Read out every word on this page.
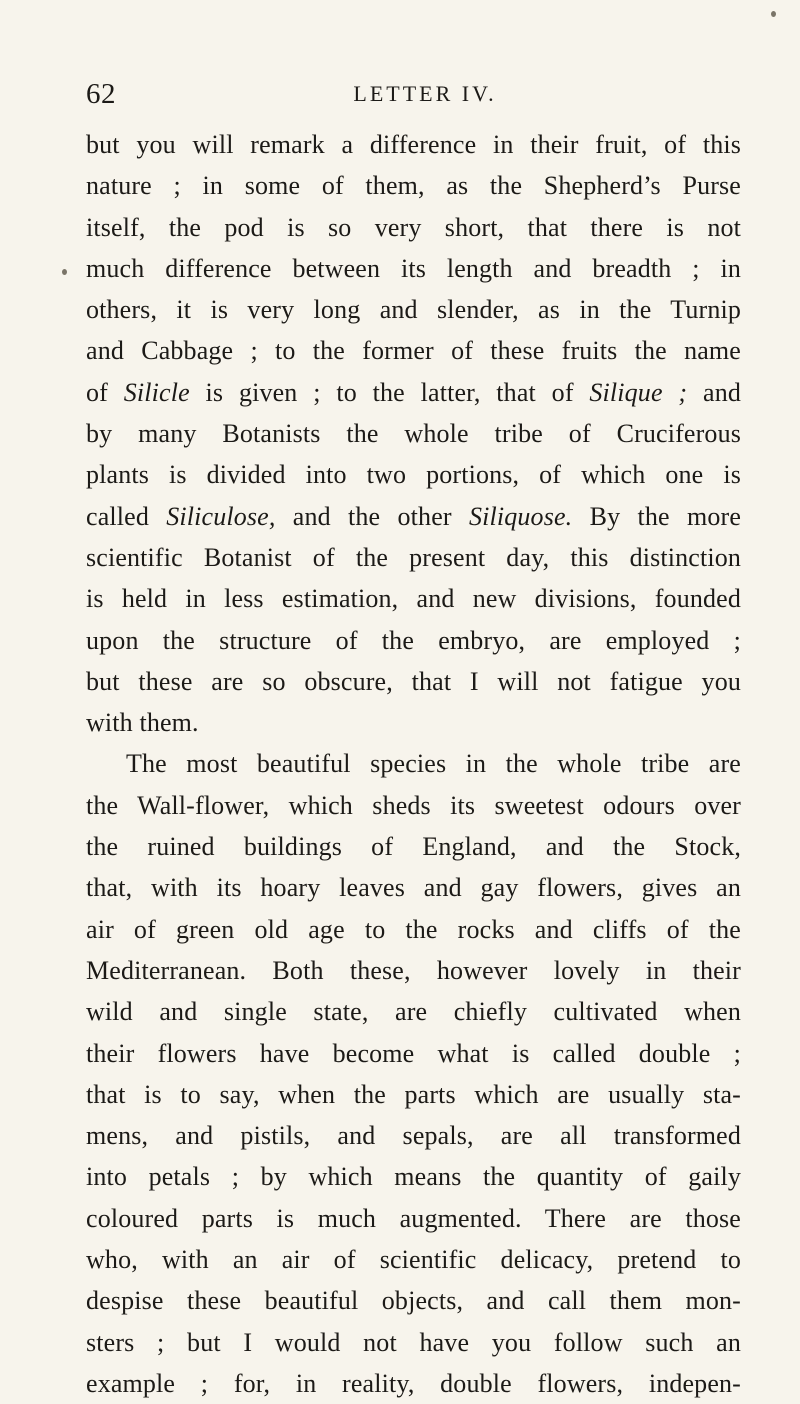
62	LETTER IV.
but you will remark a difference in their fruit, of this
nature ; in some of them, as the Shepherd’s Purse
itself, the pod is so very short, that there is not
much difference between its length and breadth ; in
others, it is very long and slender, as in the Turnip
and Cabbage ; to the former of these fruits the name
of Silicle is given ; to the latter, that of Silique ; and
by many Botanists the whole tribe of Cruciferous
plants is divided into two portions, of which one is
called Siliculose, and the other Siliquose. By the more
scientific Botanist of the present day, this distinction
is held in less estimation, and new divisions, founded
upon the structure of the embryo, are employed ;
but these are so obscure, that I will not fatigue you
with them.
The most beautiful species in the whole tribe are
the Wall-flower, which sheds its sweetest odours over
the ruined buildings of England, and the Stock,
that, with its hoary leaves and gay flowers, gives an
air of green old age to the rocks and cliffs of the
Mediterranean. Both these, however lovely in their
wild and single state, are chiefly cultivated when
their flowers have become what is called double ;
that is to say, when the parts which are usually sta-
mens, and pistils, and sepals, are all transformed
into petals ; by which means the quantity of gaily
coloured parts is much augmented. There are those
who, with an air of scientific delicacy, pretend to
despise these beautiful objects, and call them mon-
sters ; but I would not have you follow such an
example ; for, in reality, double flowers, indepen-
